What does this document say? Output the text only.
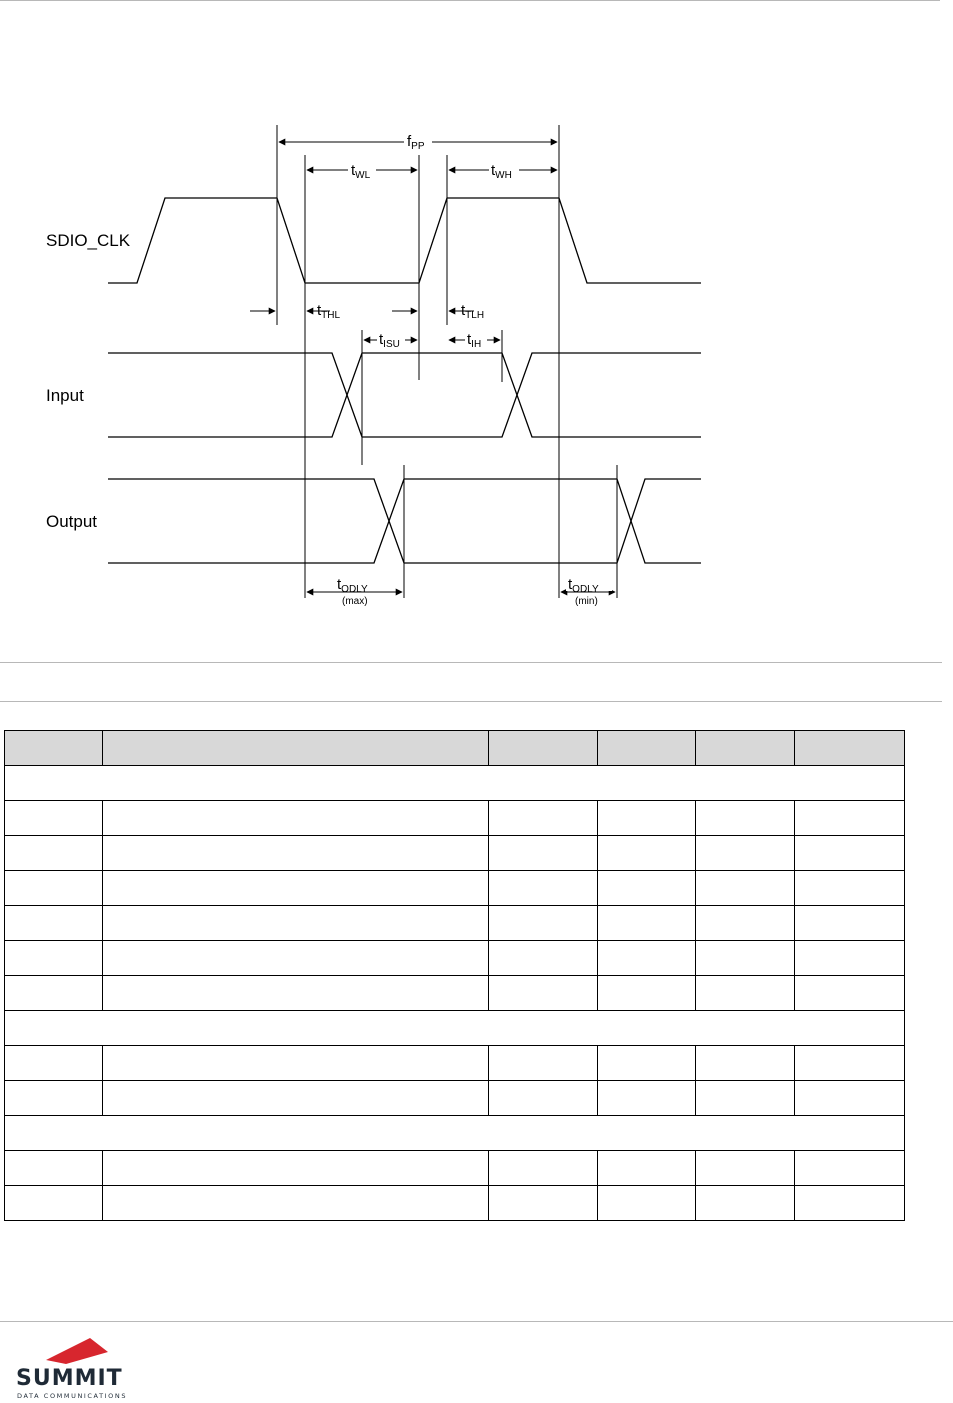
$f_{PP}$
$t_{WL}$	$t_{WH}$
$t_{THL}$	$t_{TLH}$
$t_{ISU}$	$t_{IH}$
$t_{ODLY}$
(max)
$t_{ODLY}$
(min)
SDIO_CLK
Input
Output

SUMMIT
DATA COMMUNICATIONS
